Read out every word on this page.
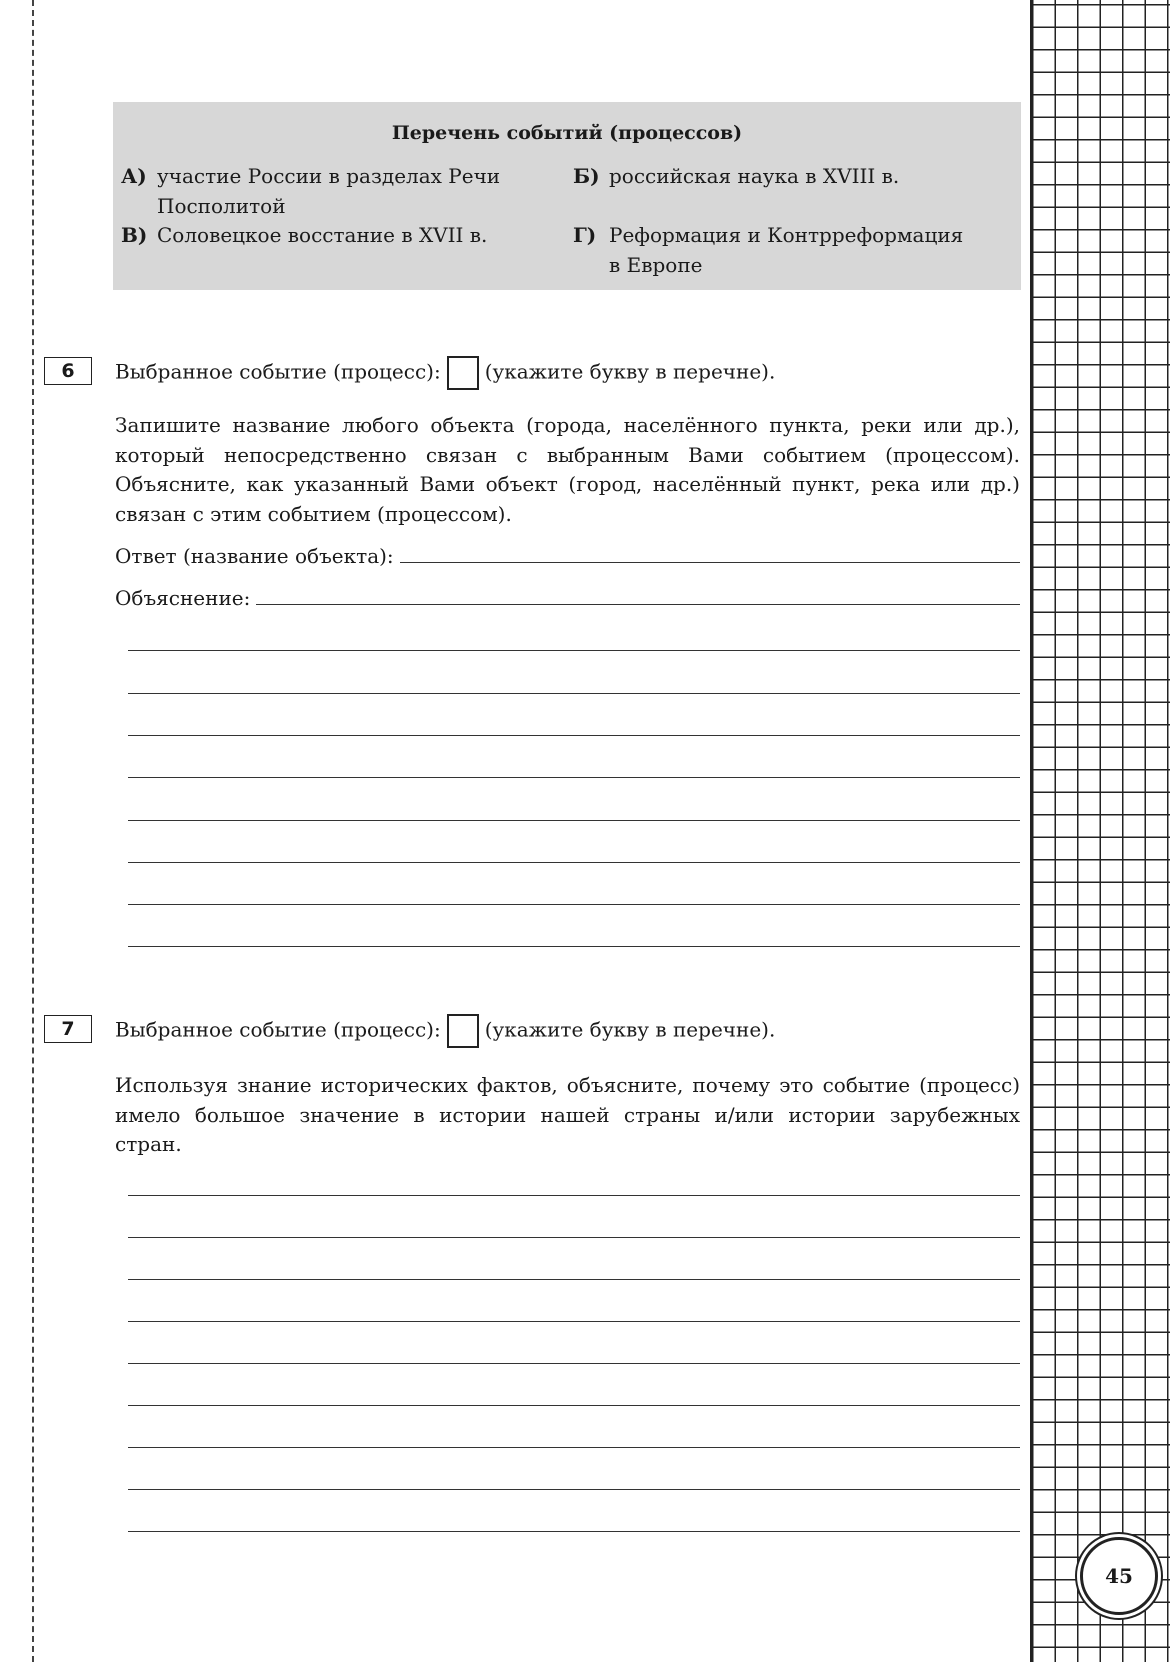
Перечень событий (процессов)
А) участие России в разделах Речи Посполитой
Б) российская наука в XVIII в.
В) Соловецкое восстание в XVII в.	Г) Реформация и Контрреформация в Европе
6	Выбранное событие (процесс): (укажите букву в перечне).
Запишите название любого объекта (города, населённого пункта, реки или др.), который непосредственно связан с выбранным Вами событием (процессом). Объясните, как указанный Вами объект (город, населённый пункт, река или др.) связан с этим событием (процессом).
Ответ (название объекта):
Объяснение:
7	Выбранное событие (процесс): (укажите букву в перечне).
Используя знание исторических фактов, объясните, почему это событие (процесс) имело большое значение в истории нашей страны и/или истории зарубежных стран.
45
